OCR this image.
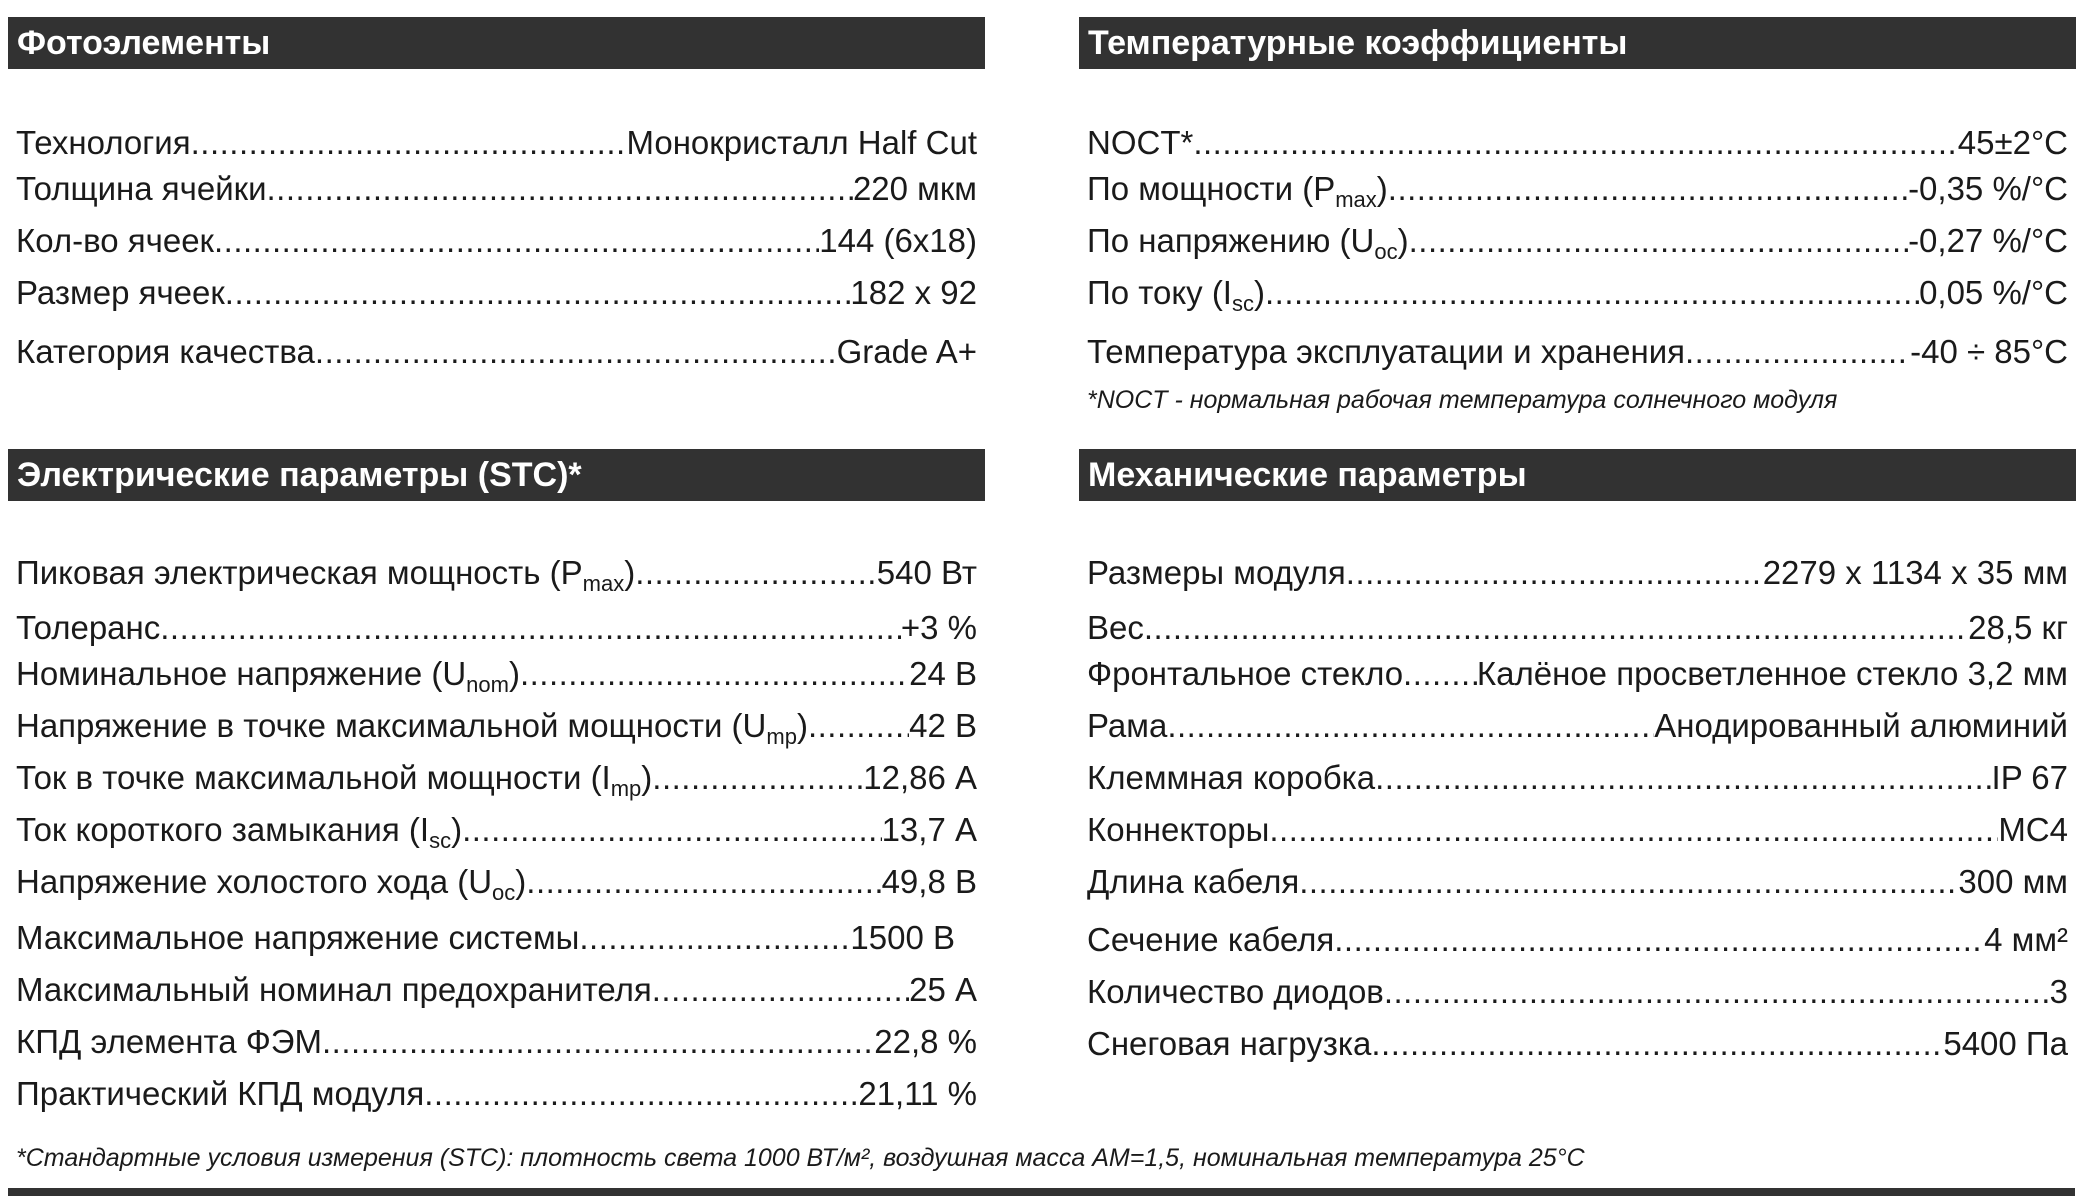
Фотоэлементы
Технология .....	Монокристалл Half Cut
Толщина ячейки .....	220 мкм
Кол-во ячеек .....	144 (6x18)
Размер ячеек .....	182 x 92
Категория качества .....	Grade A+
Температурные коэффициенты
NOCT* .....	45±2°C
По мощности $(P_{max})$ .....	-0,35 %/°C
По напряжению $(U_{oc})$ .....	-0,27 %/°C
По току $(I_{sc})$ .....	0,05 %/°C
Температура эксплуатации и хранения .....	-40 ÷ 85°C
*NOCT - нормальная рабочая температура солнечного модуля
Электрические параметры (STC)*
Пиковая электрическая мощность $(P_{max})$ .....	540 Вт
Толеранс .....	+3 %
Номинальное напряжение $(U_{nom})$ .....	24 В
Напряжение в точке максимальной мощности $(U_{mp})$ .....	42 В
Ток в точке максимальной мощности $(I_{mp})$ .....	12,86 А
Ток короткого замыкания $(I_{sc})$ .....	13,7 А
Напряжение холостого хода $(U_{oc})$ .....	49,8 В
Максимальное напряжение системы .....	1500 В
Максимальный номинал предохранителя .....	25 А
КПД элемента ФЭМ .....	22,8 %
Практический КПД модуля .....	21,11 %
Механические параметры
Размеры модуля .....	2279 x 1134 x 35 мм
Вес .....	28,5 кг
Фронтальное стекло ..... Калёное просветленное стекло 3,2 мм
Рама .....	Анодированный алюминий
Клеммная коробка .....	IP 67
Коннекторы .....	MC4
Длина кабеля .....	300 мм
Сечение кабеля .....	4 мм²
Количество диодов .....	3
Снеговая нагрузка .....	5400 Па
*Стандартные условия измерения (STC): плотность света 1000 ВТ/м², воздушная масса АМ=1,5, номинальная температура 25°C
